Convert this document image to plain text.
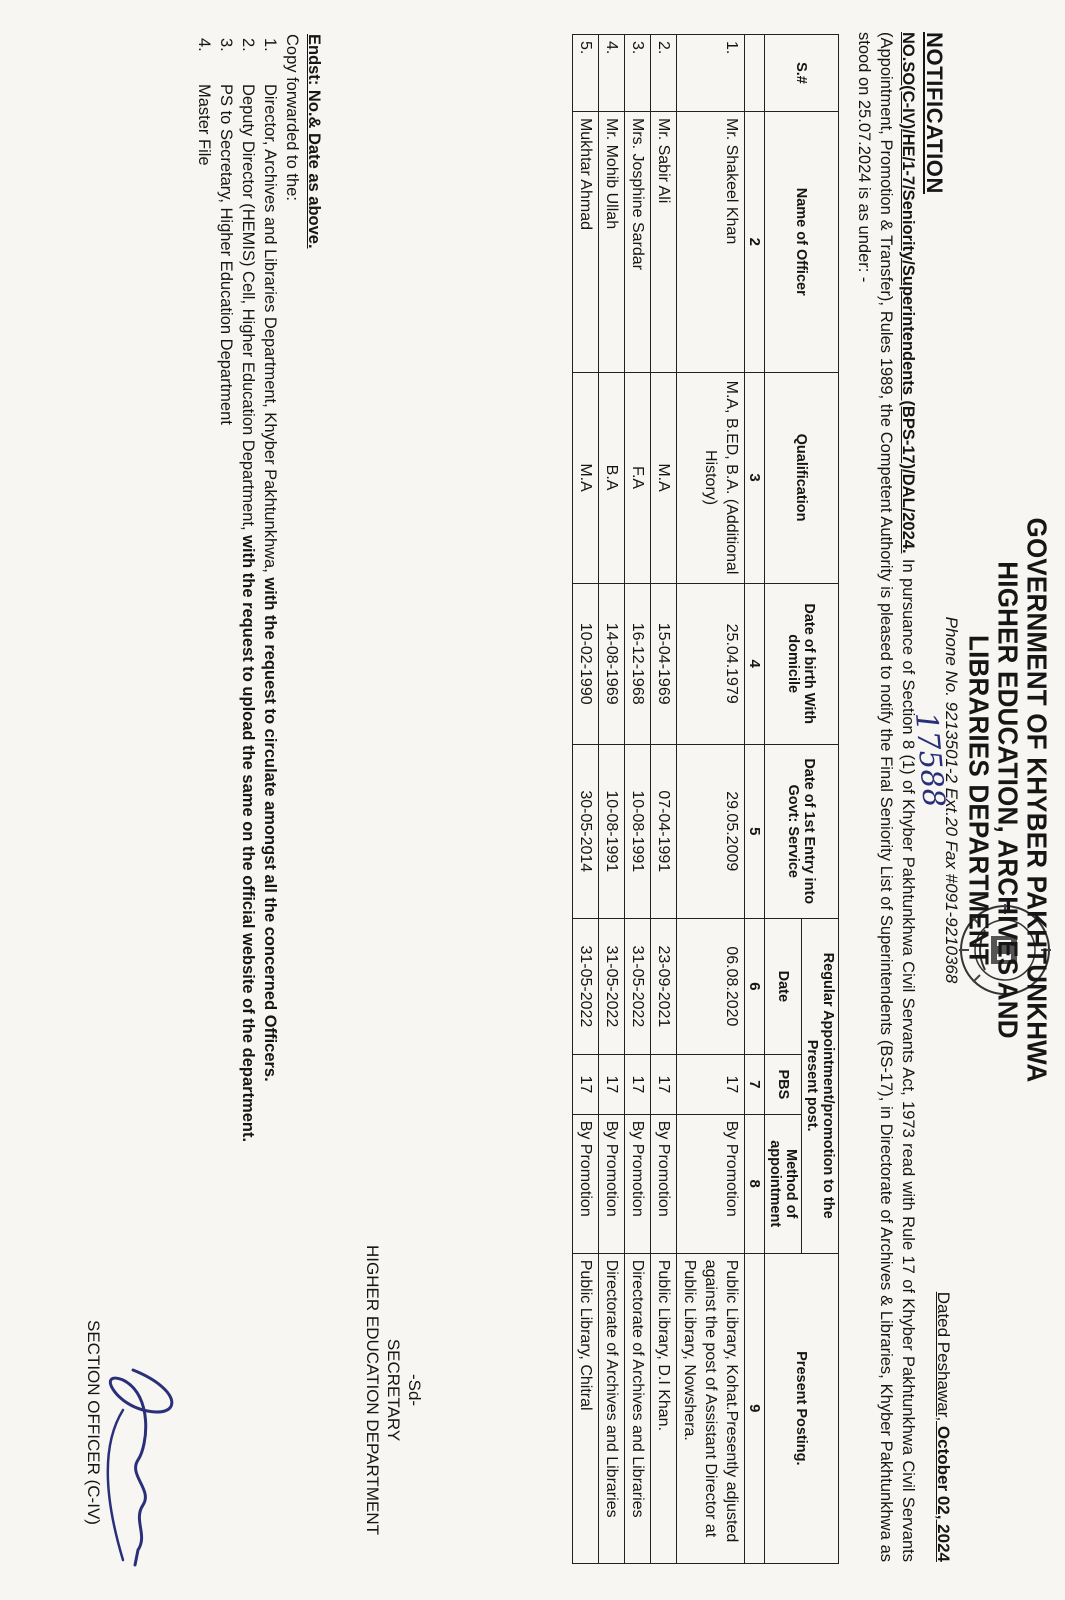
GOVERNMENT OF KHYBER PAKHTUNKHWA
HIGHER EDUCATION, ARCHIVES AND
LIBRARIES DEPARTMENT
Phone No. 9213501-2 Ext.20 Fax #091-9210368
Dated Peshawar, October 02, 2024
NOTIFICATION
17588
NO.SO(C-IV)/HE/1-7/Seniority/Superintendents (BPS-17)/DAL/2024. In pursuance of Section 8 (1) of Khyber Pakhtunkhwa Civil Servants Act, 1973 read with Rule 17 of Khyber Pakhtunkhwa Civil Servants (Appointment, Promotion & Transfer), Rules 1989, the Competent Authority is pleased to notify the Final Seniority List of Superintendents (BS-17), in Directorate of Archives & Libraries, Khyber Pakhtunkhwa as stood on 25.07.2024 is as under: -
S.#	Name of Officer	Qualification	Date of birth With domicile	Date of 1st Entry into Govt: Service	Regular Appointment/promotion to the Present post.			Present Posting.
					Date	PBS	Method of appointment	
	2	3	4	5	6	7	8	9
1.	Mr. Shakeel Khan	M.A, B.ED, B.A. (Additional History)	25.04.1979	29.05.2009	06.08.2020	17	By Promotion	Public Library, Kohat.Presently adjusted against the post of Assistant Director at Public Library, Nowshera.
2.	Mr. Sabir Ali	M.A	15-04-1969	07-04-1991	23-09-2021	17	By Promotion	Public Library, D.I Khan.
3.	Mrs. Josphine Sardar	F.A	16-12-1968	10-08-1991	31-05-2022	17	By Promotion	Directorate of Archives and Libraries
4.	Mr. Mohib Ullah	B.A	14-08-1969	10-08-1991	31-05-2022	17	By Promotion	Directorate of Archives and Libraries
5.	Mukhtar Ahmad	M.A	10-02-1990	30-05-2014	31-05-2022	17	By Promotion	Public Library, Chitral
-Sd-
SECRETARY
HIGHER EDUCATION DEPARTMENT
Endst: No.& Date as above.
Copy forwarded to the:
1.
Director, Archives and Libraries Department, Khyber Pakhtunkhwa, with the request to circulate amongst all the concerned Officers.
2.
Deputy Director (HEMIS) Cell, Higher Education Department, with the request to upload the same on the official website of the department.
3.
PS to Secretary, Higher Education Department
4.
Master File
SECTION OFFICER (C-IV)
